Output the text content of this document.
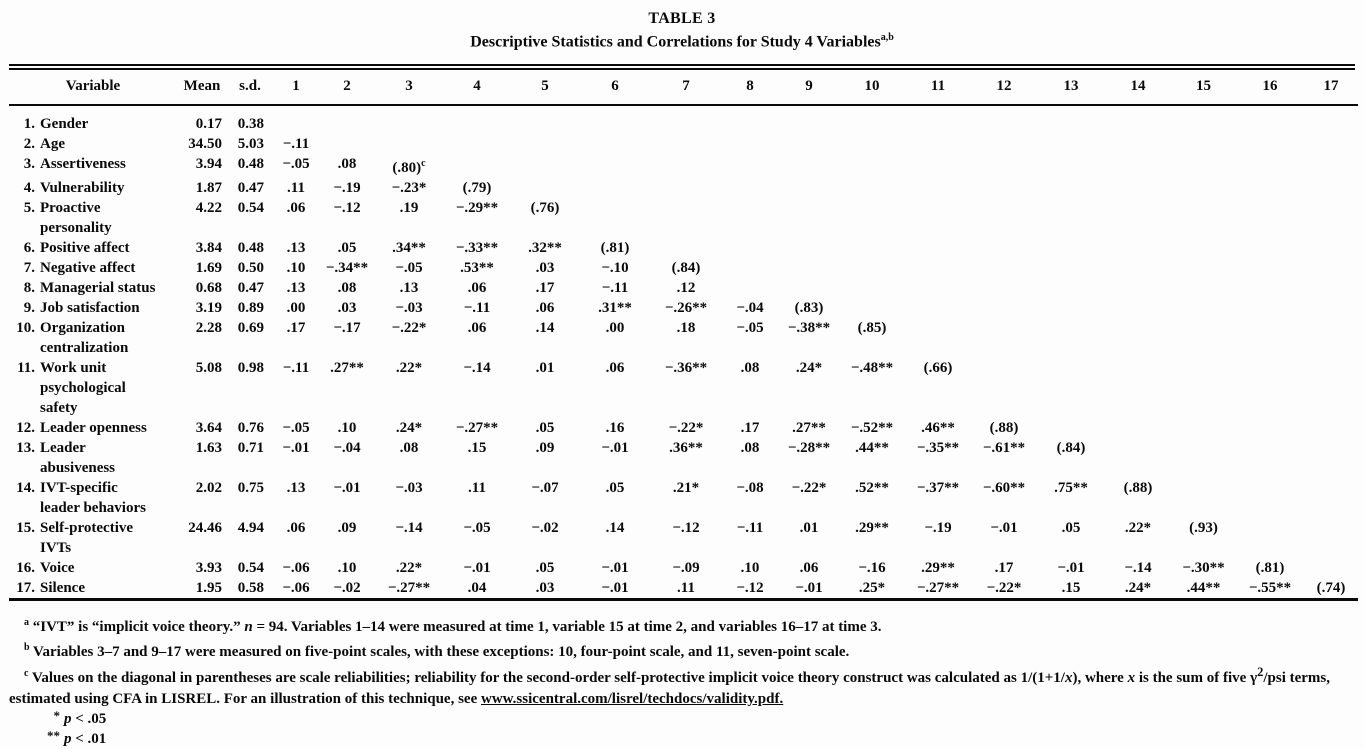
TABLE 3
Descriptive Statistics and Correlations for Study 4 Variables$^{a,b}$
Variable	Mean	s.d.	1	2	3	4	5	6	7	8	9	10	11	12	13	14	15	16	17

1. Gender	0.17	0.38																	

2. Age	34.50	5.03	−.11																

3. Assertiveness	3.94	0.48	−.05	.08	$(.80)^c$														

4. Vulnerability	1.87	0.47	.11	−.19	−.23*	(.79)													

5. Proactive
personality	4.22	0.54	.06	−.12	.19	−.29**	(.76)												

6. Positive affect	3.84	0.48	.13	.05	.34**	−.33**	.32**	(.81)											

7. Negative affect	1.69	0.50	.10	−.34**	−.05	.53**	.03	−.10	(.84)										

8. Managerial status	0.68	0.47	.13	.08	.13	.06	.17	−.11	.12										

9. Job satisfaction	3.19	0.89	.00	.03	−.03	−.11	.06	.31**	−.26**	−.04	(.83)								

10. Organization
centralization	2.28	0.69	.17	−.17	−.22*	.06	.14	.00	.18	−.05	−.38**	(.85)							

11. Work unit
psychological
safety	5.08	0.98	−.11	.27**	.22*	−.14	.01	.06	−.36**	.08	.24*	−.48**	(.66)						

12. Leader openness	3.64	0.76	−.05	.10	.24*	−.27**	.05	.16	−.22*	.17	.27**	−.52**	.46**	(.88)					

13. Leader
abusiveness	1.63	0.71	−.01	−.04	.08	.15	.09	−.01	.36**	.08	−.28**	.44**	−.35**	−.61**	(.84)				

14. IVT-specific
leader behaviors	2.02	0.75	.13	−.01	−.03	.11	−.07	.05	.21*	−.08	−.22*	.52**	−.37**	−.60**	.75**	(.88)			

15. Self-protective
IVTs	24.46	4.94	.06	.09	−.14	−.05	−.02	.14	−.12	−.11	.01	.29**	−.19	−.01	.05	.22*	(.93)		

16. Voice	3.93	0.54	−.06	.10	.22*	−.01	.05	−.01	−.09	.10	.06	−.16	.29**	.17	−.01	−.14	−.30**	(.81)	

17. Silence	1.95	0.58	−.06	−.02	−.27**	.04	.03	−.01	.11	−.12	−.01	.25*	−.27**	−.22*	.15	.24*	.44**	−.55**	(.74)

$^a$ “IVT” is “implicit voice theory.” n = 94. Variables 1–14 were measured at time 1, variable 15 at time 2, and variables 16–17 at time 3.

$^b$ Variables 3–7 and 9–17 were measured on five-point scales, with these exceptions: 10, four-point scale, and 11, seven-point scale.

$^c$ Values on the diagonal in parentheses are scale reliabilities; reliability for the second-order self-protective implicit voice theory construct was calculated as 1/(1+1/x), where x is the sum of five $\gamma^2$/psi terms, estimated using CFA in LISREL. For an illustration of this technique, see www.ssicentral.com/lisrel/techdocs/validity.pdf.

* p < .05

** p < .01
